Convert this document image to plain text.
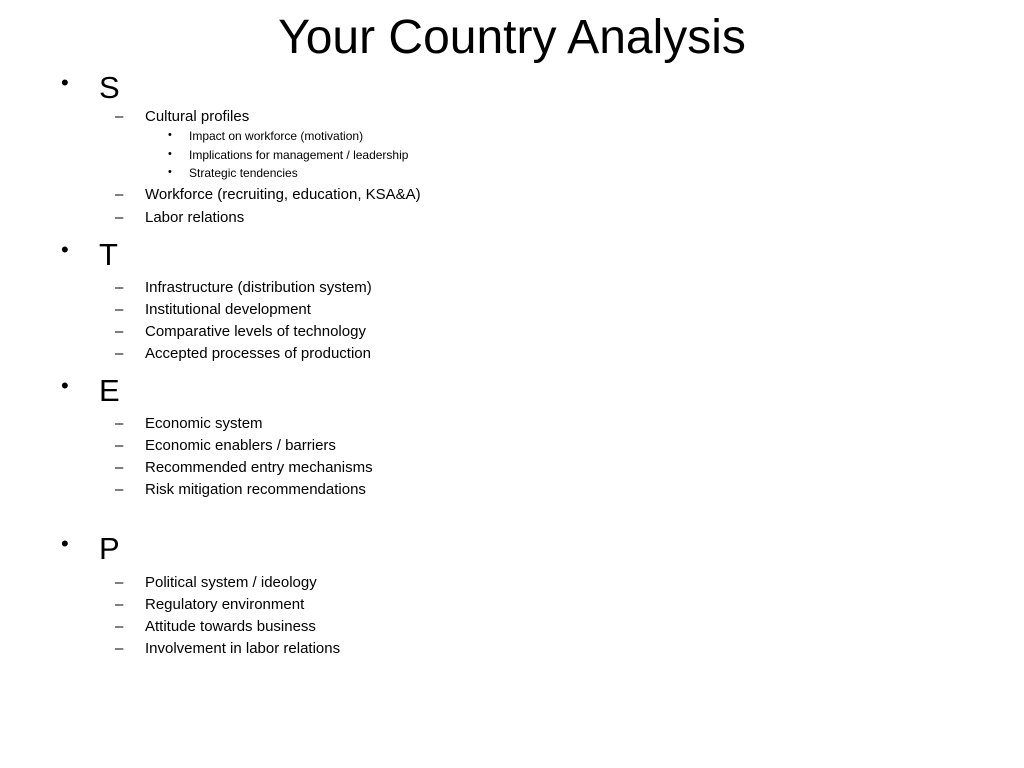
Your Country Analysis
• S
– Cultural profiles
• Impact on workforce (motivation)
• Implications for management / leadership
• Strategic tendencies
– Workforce (recruiting, education, KSA&A)
– Labor relations
• T
– Infrastructure (distribution system)
– Institutional development
– Comparative levels of technology
– Accepted processes of production
• E
– Economic system
– Economic enablers / barriers
– Recommended entry mechanisms
– Risk mitigation recommendations
• P
– Political system / ideology
– Regulatory environment
– Attitude towards business
– Involvement in labor relations
